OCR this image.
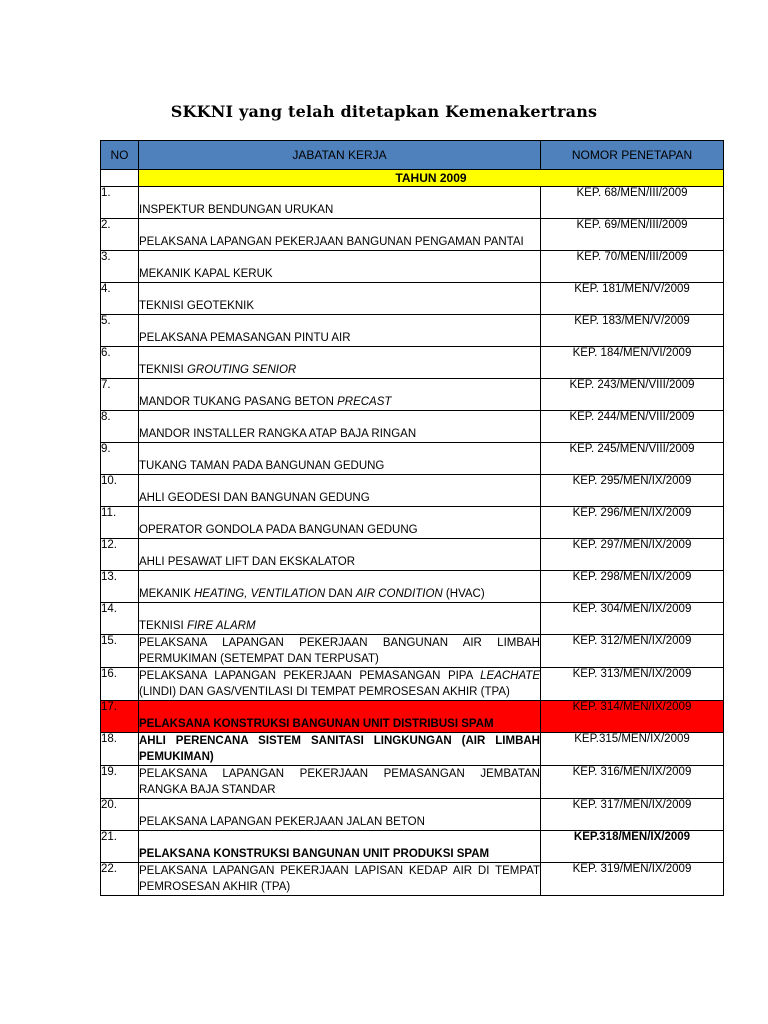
SKKNI yang telah ditetapkan Kemenakertrans
NO	JABATAN KERJA	NOMOR PENETAPAN
	TAHUN 2009	
1.	INSPEKTUR BENDUNGAN URUKAN	KEP. 68/MEN/III/2009
2.	PELAKSANA LAPANGAN PEKERJAAN BANGUNAN PENGAMAN PANTAI	KEP. 69/MEN/III/2009
3.	MEKANIK KAPAL KERUK	KEP. 70/MEN/III/2009
4.	TEKNISI GEOTEKNIK	KEP. 181/MEN/V/2009
5.	PELAKSANA PEMASANGAN PINTU AIR	KEP. 183/MEN/V/2009
6.	TEKNISI GROUTING SENIOR	KEP. 184/MEN/VI/2009
7.	MANDOR TUKANG PASANG BETON PRECAST	KEP. 243/MEN/VIII/2009
8.	MANDOR INSTALLER RANGKA ATAP BAJA RINGAN	KEP. 244/MEN/VIII/2009
9.	TUKANG TAMAN PADA BANGUNAN GEDUNG	KEP. 245/MEN/VIII/2009
10.	AHLI GEODESI DAN BANGUNAN GEDUNG	KEP. 295/MEN/IX/2009
11.	OPERATOR GONDOLA PADA BANGUNAN GEDUNG	KEP. 296/MEN/IX/2009
12.	AHLI PESAWAT LIFT DAN EKSKALATOR	KEP. 297/MEN/IX/2009
13.	MEKANIK HEATING, VENTILATION DAN AIR CONDITION (HVAC)	KEP. 298/MEN/IX/2009
14.	TEKNISI FIRE ALARM	KEP. 304/MEN/IX/2009
15.	PELAKSANA LAPANGAN PEKERJAAN BANGUNAN AIR LIMBAH PERMUKIMAN (SETEMPAT DAN TERPUSAT)	KEP. 312/MEN/IX/2009
16.	PELAKSANA LAPANGAN PEKERJAAN PEMASANGAN PIPA LEACHATE (LINDI) DAN GAS/VENTILASI DI TEMPAT PEMROSESAN AKHIR (TPA)	KEP. 313/MEN/IX/2009
17.	PELAKSANA KONSTRUKSI BANGUNAN UNIT DISTRIBUSI SPAM	KEP. 314/MEN/IX/2009
18.	AHLI PERENCANA SISTEM SANITASI LINGKUNGAN (AIR LIMBAH PEMUKIMAN)	KEP.315/MEN/IX/2009
19.	PELAKSANA LAPANGAN PEKERJAAN PEMASANGAN JEMBATAN RANGKA BAJA STANDAR	KEP. 316/MEN/IX/2009
20.	PELAKSANA LAPANGAN PEKERJAAN JALAN BETON	KEP. 317/MEN/IX/2009
21.	PELAKSANA KONSTRUKSI BANGUNAN UNIT PRODUKSI SPAM	KEP.318/MEN/IX/2009
22.	PELAKSANA LAPANGAN PEKERJAAN LAPISAN KEDAP AIR DI TEMPAT PEMROSESAN AKHIR (TPA)	KEP. 319/MEN/IX/2009
